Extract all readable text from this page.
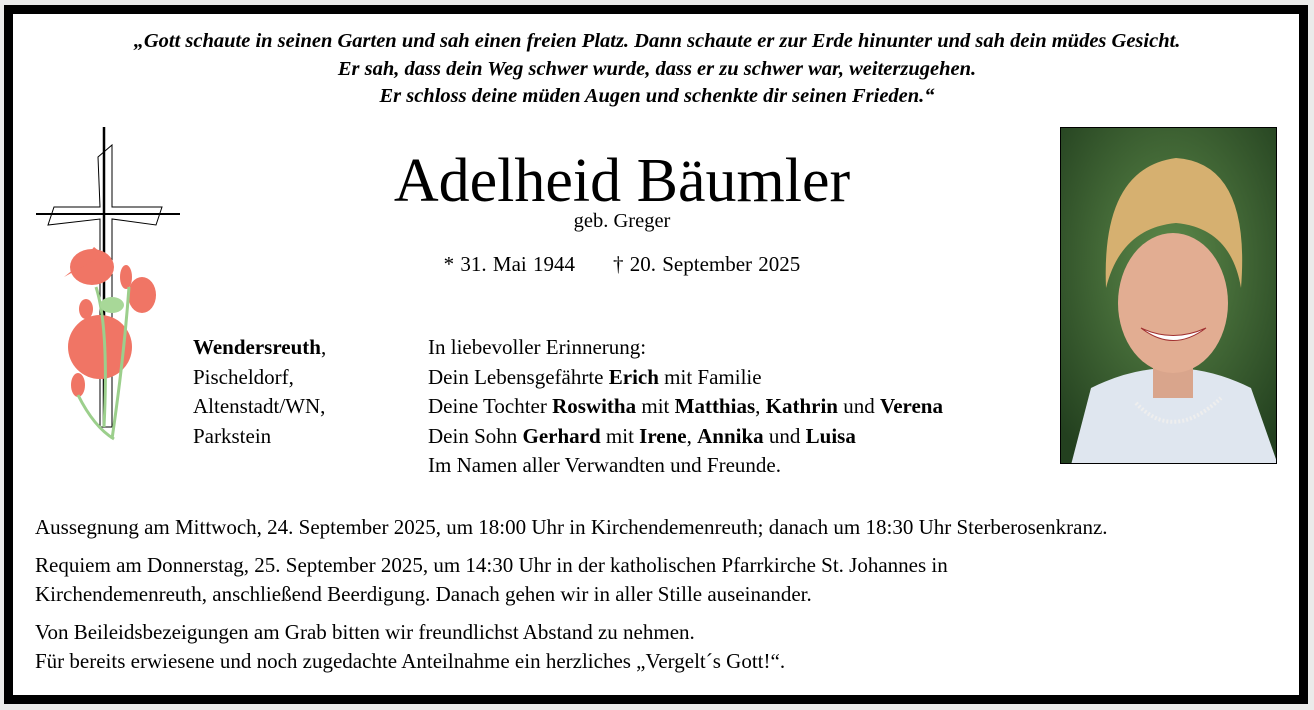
„Gott schaute in seinen Garten und sah einen freien Platz. Dann schaute er zur Erde hinunter und sah dein müdes Gesicht.
Er sah, dass dein Weg schwer wurde, dass er zu schwer war, weiterzugehen.
Er schloss deine müden Augen und schenkte dir seinen Frieden.“
Adelheid Bäumler
geb. Greger
* 31. Mai 1944 † 20. September 2025
Wendersreuth,
Pischeldorf,
Altenstadt/WN,
Parkstein
In liebevoller Erinnerung:
Dein Lebensgefährte Erich mit Familie
Deine Tochter Roswitha mit Matthias, Kathrin und Verena
Dein Sohn Gerhard mit Irene, Annika und Luisa
Im Namen aller Verwandten und Freunde.

Aussegnung am Mittwoch, 24. September 2025, um 18:00 Uhr in Kirchendemenreuth; danach um 18:30 Uhr Sterberosenkranz.

Requiem am Donnerstag, 25. September 2025, um 14:30 Uhr in der katholischen Pfarrkirche St. Johannes in
Kirchendemenreuth, anschließend Beerdigung. Danach gehen wir in aller Stille auseinander.

Von Beileidsbezeigungen am Grab bitten wir freundlichst Abstand zu nehmen.
Für bereits erwiesene und noch zugedachte Anteilnahme ein herzliches „Vergelt´s Gott!“.
